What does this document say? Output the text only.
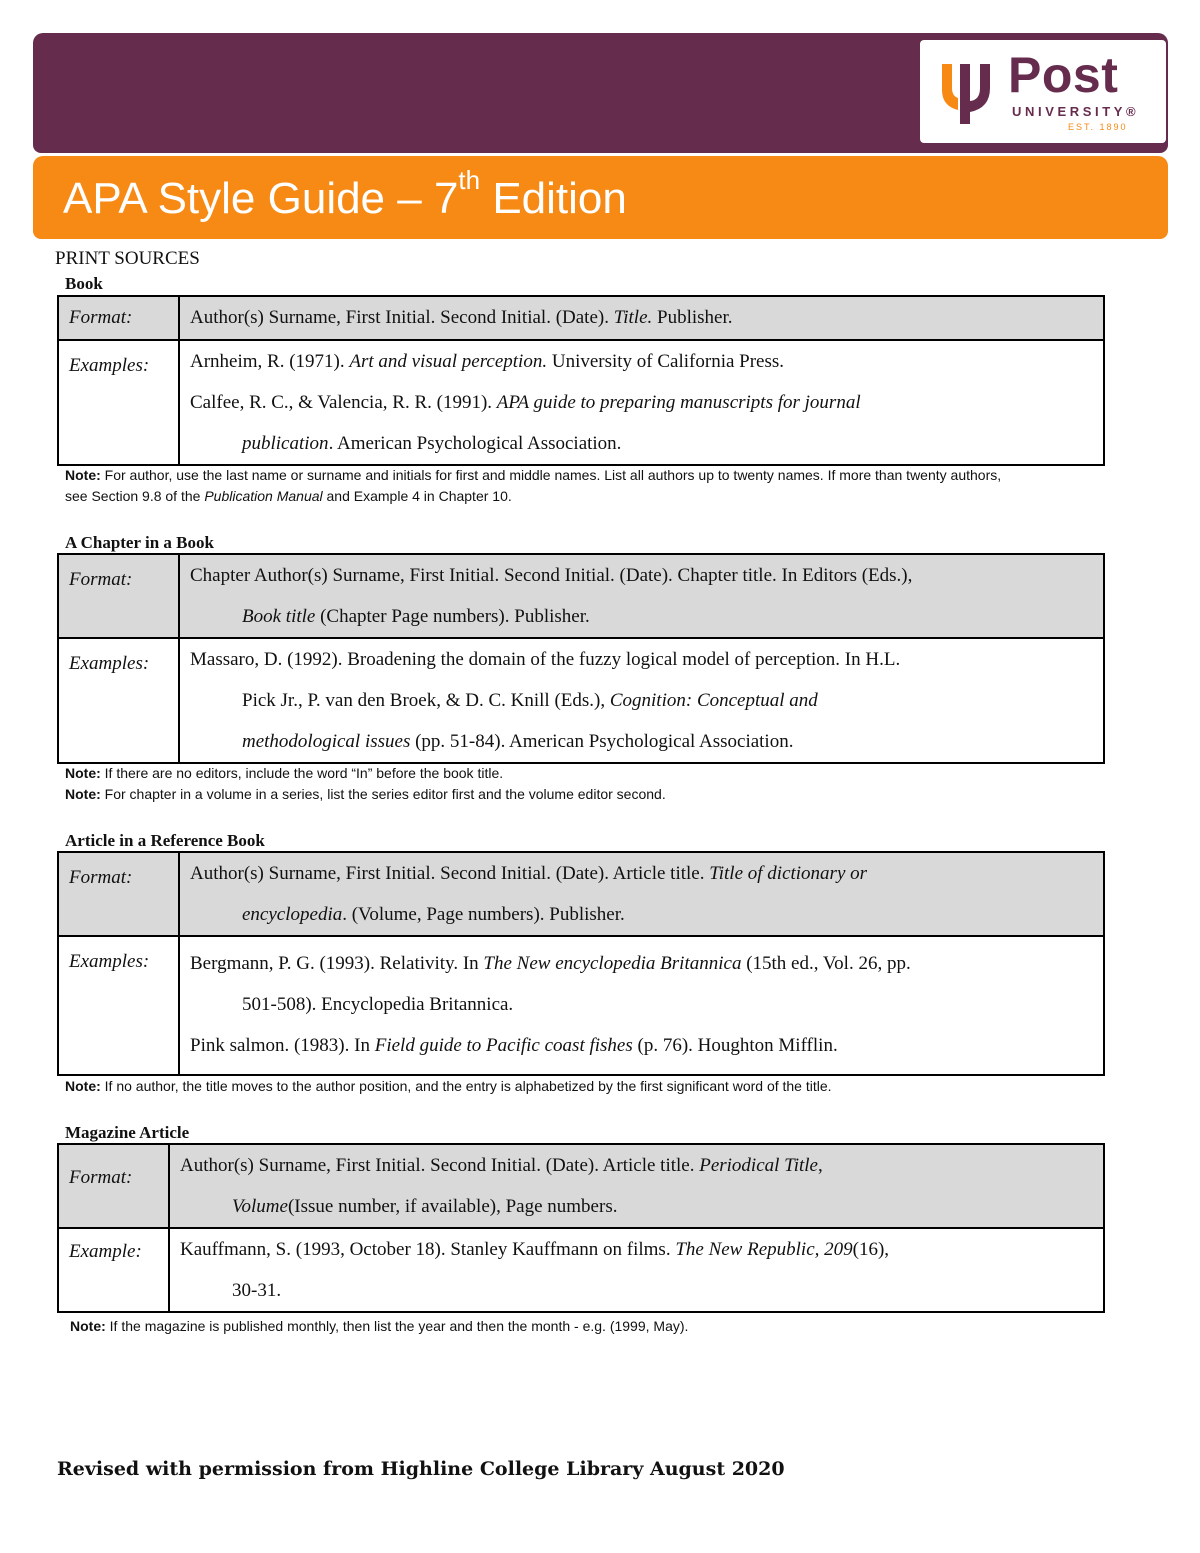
Post
UNIVERSITY®
EST. 1890
APA Style Guide – 7th Edition
PRINT SOURCES
Book
Format:	Author(s) Surname, First Initial. Second Initial. (Date). Title. Publisher.
Examples:	Arnheim, R. (1971). Art and visual perception. University of California Press.
Calfee, R. C., & Valencia, R. R. (1991). APA guide to preparing manuscripts for journal
publication. American Psychological Association.
Note: For author, use the last name or surname and initials for first and middle names. List all authors up to twenty names. If more than twenty authors, see Section 9.8 of the Publication Manual and Example 4 in Chapter 10.
A Chapter in a Book
Format:	Chapter Author(s) Surname, First Initial. Second Initial. (Date). Chapter title. In Editors (Eds.),
Book title (Chapter Page numbers). Publisher.

Examples:	Massaro, D. (1992). Broadening the domain of the fuzzy logical model of perception. In H.L.
Pick Jr., P. van den Broek, & D. C. Knill (Eds.), Cognition: Conceptual and
methodological issues (pp. 51-84). American Psychological Association.
Note: If there are no editors, include the word “In” before the book title.
Note: For chapter in a volume in a series, list the series editor first and the volume editor second.
Article in a Reference Book
Format:	Author(s) Surname, First Initial. Second Initial. (Date). Article title. Title of dictionary or
encyclopedia. (Volume, Page numbers). Publisher.

Examples:	Bergmann, P. G. (1993). Relativity. In The New encyclopedia Britannica (15th ed., Vol. 26, pp.
501-508). Encyclopedia Britannica.
Pink salmon. (1983). In Field guide to Pacific coast fishes (p. 76). Houghton Mifflin.
Note: If no author, the title moves to the author position, and the entry is alphabetized by the first significant word of the title.
Magazine Article
Format:	Author(s) Surname, First Initial. Second Initial. (Date). Article title. Periodical Title,
Volume(Issue number, if available), Page numbers.

Example:	Kauffmann, S. (1993, October 18). Stanley Kauffmann on films. The New Republic, 209(16),
30-31.
Note: If the magazine is published monthly, then list the year and then the month - e.g. (1999, May).
Revised with permission from Highline College Library August 2020
